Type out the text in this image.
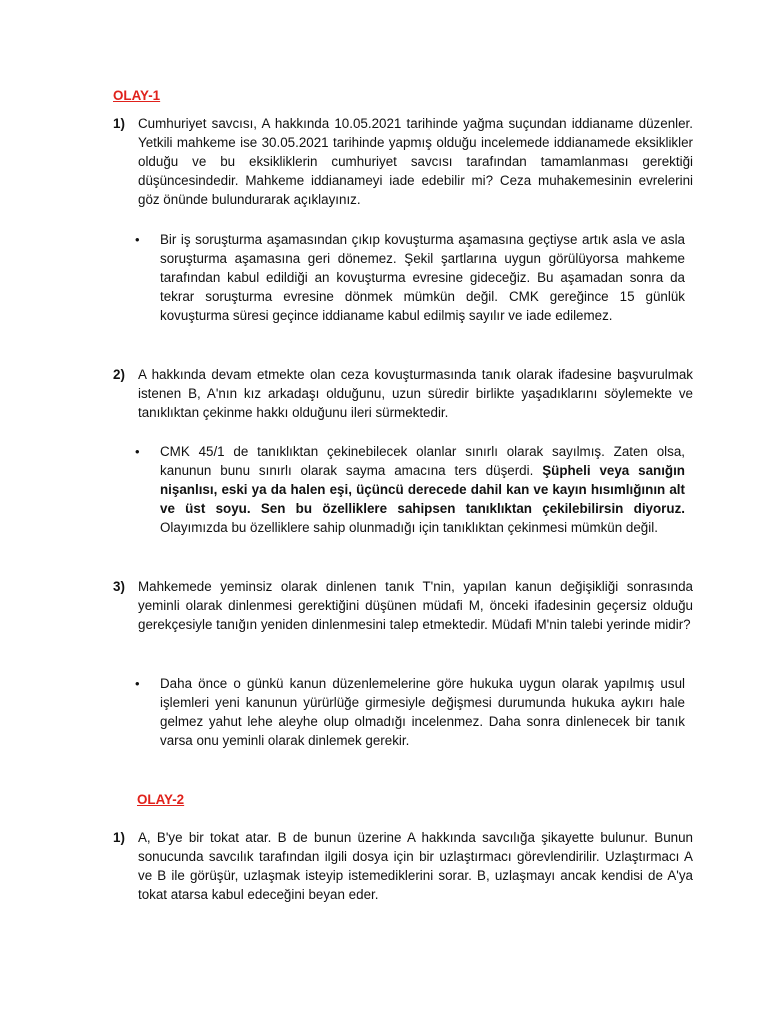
OLAY-1
1) Cumhuriyet savcısı, A hakkında 10.05.2021 tarihinde yağma suçundan iddianame düzenler. Yetkili mahkeme ise 30.05.2021 tarihinde yapmış olduğu incelemede iddianamede eksiklikler olduğu ve bu eksikliklerin cumhuriyet savcısı tarafından tamamlanması gerektiği düşüncesindedir. Mahkeme iddianameyi iade edebilir mi? Ceza muhakemesinin evrelerini göz önünde bulundurarak açıklayınız.
• Bir iş soruşturma aşamasından çıkıp kovuşturma aşamasına geçtiyse artık asla ve asla soruşturma aşamasına geri dönemez. Şekil şartlarına uygun görülüyorsa mahkeme tarafından kabul edildiği an kovuşturma evresine gideceğiz. Bu aşamadan sonra da tekrar soruşturma evresine dönmek mümkün değil. CMK gereğince 15 günlük kovuşturma süresi geçince iddianame kabul edilmiş sayılır ve iade edilemez.
2) A hakkında devam etmekte olan ceza kovuşturmasında tanık olarak ifadesine başvurulmak istenen B, A'nın kız arkadaşı olduğunu, uzun süredir birlikte yaşadıklarını söylemekte ve tanıklıktan çekinme hakkı olduğunu ileri sürmektedir.
• CMK 45/1 de tanıklıktan çekinebilecek olanlar sınırlı olarak sayılmış. Zaten olsa, kanunun bunu sınırlı olarak sayma amacına ters düşerdi. Şüpheli veya sanığın nişanlısı, eski ya da halen eşi, üçüncü derecede dahil kan ve kayın hısımlığının alt ve üst soyu. Sen bu özelliklere sahipsen tanıklıktan çekilebilirsin diyoruz. Olayımızda bu özelliklere sahip olunmadığı için tanıklıktan çekinmesi mümkün değil.
3) Mahkemede yeminsiz olarak dinlenen tanık T'nin, yapılan kanun değişikliği sonrasında yeminli olarak dinlenmesi gerektiğini düşünen müdafi M, önceki ifadesinin geçersiz olduğu gerekçesiyle tanığın yeniden dinlenmesini talep etmektedir. Müdafi M'nin talebi yerinde midir?
• Daha önce o günkü kanun düzenlemelerine göre hukuka uygun olarak yapılmış usul işlemleri yeni kanunun yürürlüğe girmesiyle değişmesi durumunda hukuka aykırı hale gelmez yahut lehe aleyhe olup olmadığı incelenmez. Daha sonra dinlenecek bir tanık varsa onu yeminli olarak dinlemek gerekir.
OLAY-2
1) A, B'ye bir tokat atar. B de bunun üzerine A hakkında savcılığa şikayette bulunur. Bunun sonucunda savcılık tarafından ilgili dosya için bir uzlaştırmacı görevlendirilir. Uzlaştırmacı A ve B ile görüşür, uzlaşmak isteyip istemediklerini sorar. B, uzlaşmayı ancak kendisi de A'ya tokat atarsa kabul edeceğini beyan eder.
